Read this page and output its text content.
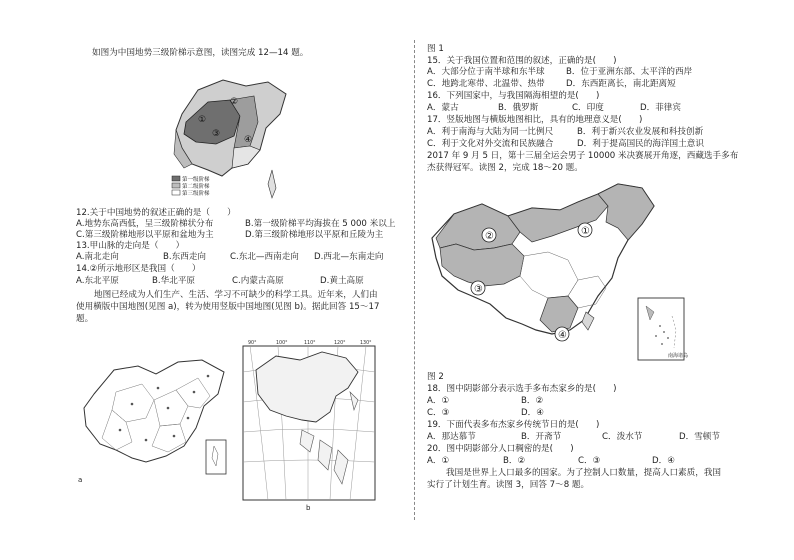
如图为中国地势三级阶梯示意图，读图完成 12—14 题。
①
②
③
④
第一级阶梯
第二级阶梯
第三级阶梯
12.关于中国地势的叙述正确的是（　　）
A.地势东高西低，呈三级阶梯状分布	B.第一级阶梯平均海拔在 5 000 米以上
C.第三级阶梯地形以平原和盆地为主	D.第三级阶梯地形以平原和丘陵为主
13.甲山脉的走向是（　　）
A.南北走向	B.东西走向	C.东北—西南走向 D.西北—东南走向
14.②所示地形区是我国（　　）
A.东北平原	B.华北平原	C.内蒙古高原	D.黄土高原
地图已经成为人们生产、生活、学习不可缺少的科学工具。近年来，人们由
使用横版中国地图(见图 a)，转为使用竖版中国地图(见图 b)。据此回答 15～17
题。
a
90°	100°	110°	120°	130°
b
图 1
15．关于我国位置和范围的叙述，正确的是(　　)
A．大部分位于南半球和东半球 B．位于亚洲东部、太平洋的西岸
C．地跨北寒带、北温带、热带 D．东西距离长，南北距离短
16．下列国家中，与我国隔海相望的是(　　)
A．蒙古	B．俄罗斯	C．印度	D．菲律宾
17．竖版地图与横版地图相比，具有的地理意义是(　　)
A．利于南海与大陆为同一比例尺	B．利于新兴农业发展和科技创新
C．利于文化对外交流和民族融合	D．利于提高国民的海洋国土意识
2017 年 9 月 5 日，第十三届全运会男子 10000 米决赛展开角逐，西藏选手多布
杰获得冠军。读图 2，完成 18～20 题。
②	①
③
④
南海诸岛
图 2
18．图中阴影部分表示选手多布杰家乡的是(　　)
A．①	B．②
C．③	D．④
19．下面代表多布杰家乡传统节日的是(　　)
A．那达慕节	B．开斋节	C．泼水节	D．雪顿节
20．图中阴影部分人口稠密的是(　　)
A．①	B．②	C．③	D．④
我国是世界上人口最多的国家。为了控制人口数量，提高人口素质，我国
实行了计划生育。读图 3，回答 7～8 题。
